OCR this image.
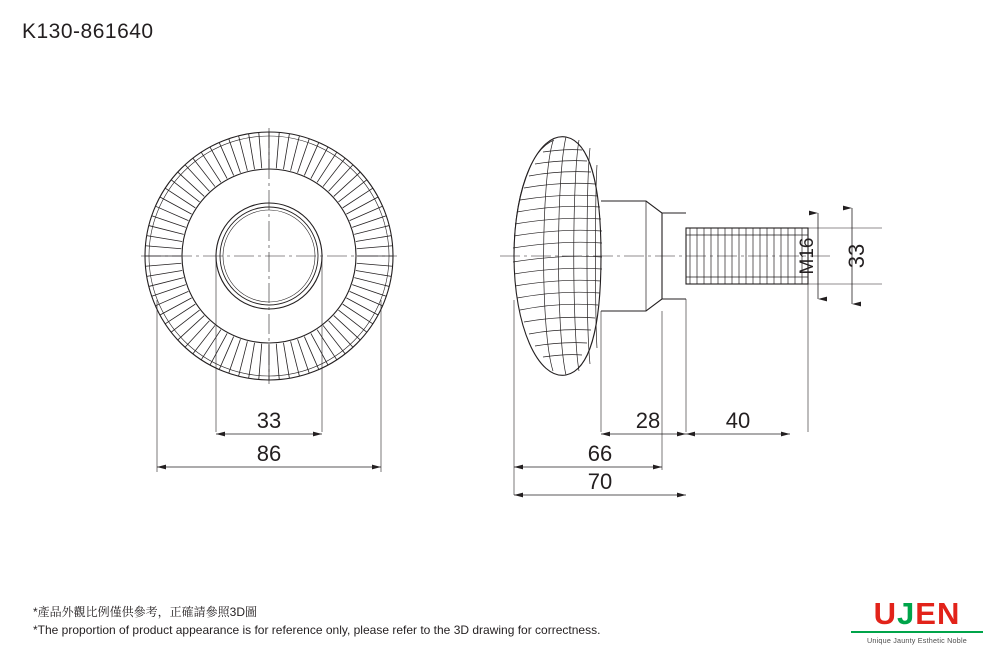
K130-861640
33
86
M16 33
28	40
66
70
*產品外觀比例僅供參考，正確請參照3D圖
*The proportion of product appearance is for reference only, please refer to the 3D drawing for correctness.	UJEN
Unique Jaunty Esthetic Noble
